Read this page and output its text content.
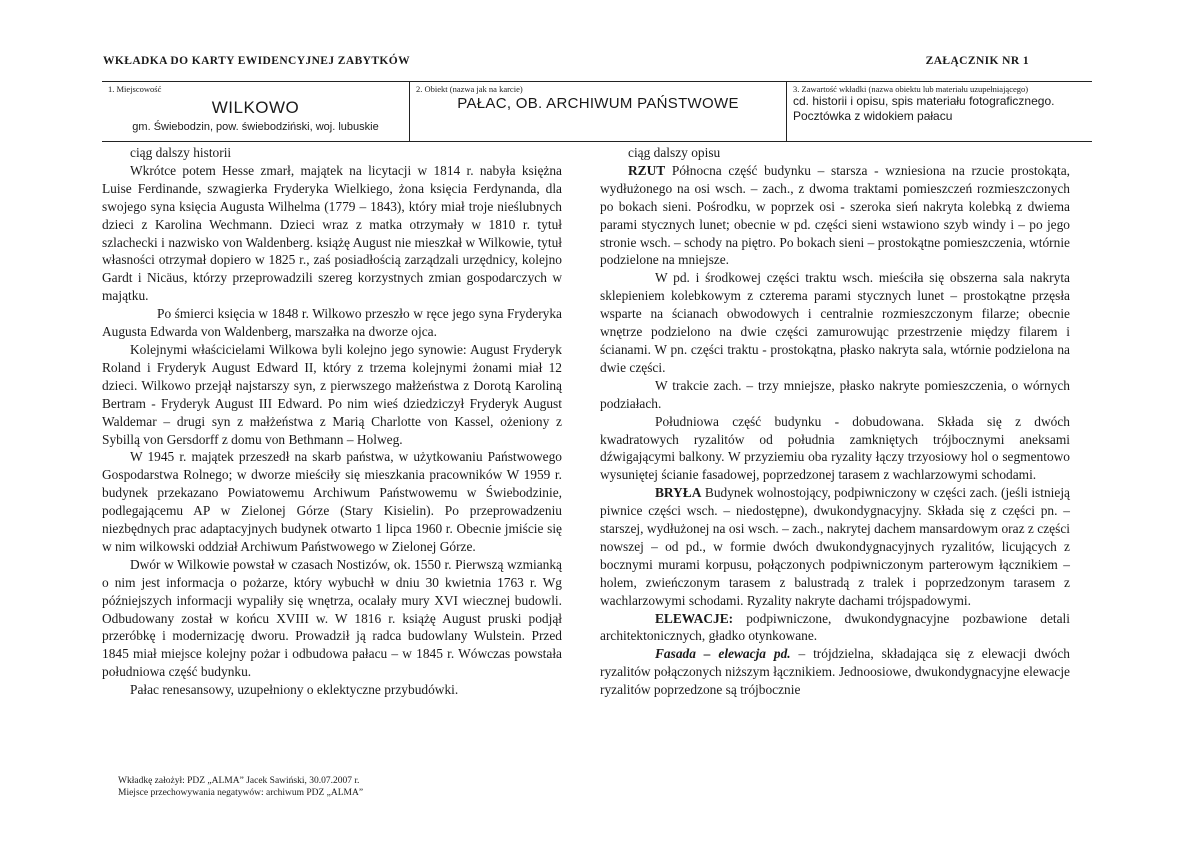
WKŁADKA DO KARTY EWIDENCYJNEJ ZABYTKÓW	ZAŁĄCZNIK NR 1
1. Miejscowość
WILKOWO
gm. Świebodzin, pow. świebodziński, woj. lubuskie
2. Obiekt (nazwa jak na karcie)
PAŁAC, OB. ARCHIWUM PAŃSTWOWE
3. Zawartość wkładki (nazwa obiektu lub materiału uzupełniającego)
cd. historii i opisu, spis materiału fotograficznego. Pocztówka z widokiem pałacu

ciąg dalszy historii

Wkrótce potem Hesse zmarł, majątek na licytacji w 1814 r. nabyła księżna Luise Ferdinande, szwagierka Fryderyka Wielkiego, żona księcia Ferdynanda, dla swojego syna księcia Augusta Wilhelma (1779 – 1843), który miał troje nieślubnych dzieci z Karolina Wechmann. Dzieci wraz z matka otrzymały w 1810 r. tytuł szlachecki i nazwisko von Waldenberg. książę August nie mieszkał w Wilkowie, tytuł własności otrzymał dopiero w 1825 r., zaś posiadłością zarządzali urzędnicy, kolejno Gardt i Nicäus, którzy przeprowadzili szereg korzystnych zmian gospodarczych w majątku.

Po śmierci księcia w 1848 r. Wilkowo przeszło w ręce jego syna Fryderyka Augusta Edwarda von Waldenberg, marszałka na dworze ojca.

Kolejnymi właścicielami Wilkowa byli kolejno jego synowie: August Fryderyk Roland i Fryderyk August Edward II, który z trzema kolejnymi żonami miał 12 dzieci. Wilkowo przejął najstarszy syn, z pierwszego małżeństwa z Dorotą Karoliną Bertram - Fryderyk August III Edward. Po nim wieś dziedziczył Fryderyk August Waldemar – drugi syn z małżeństwa z Marią Charlotte von Kassel, ożeniony z Sybillą von Gersdorff z domu von Bethmann – Holweg.

W 1945 r. majątek przeszedł na skarb państwa, w użytkowaniu Państwowego Gospodarstwa Rolnego; w dworze mieściły się mieszkania pracowników W 1959 r. budynek przekazano Powiatowemu Archiwum Państwowemu w Świebodzinie, podlegającemu AP w Zielonej Górze (Stary Kisielin). Po przeprowadzeniu niezbędnych prac adaptacyjnych budynek otwarto 1 lipca 1960 r. Obecnie jmiście się w nim wilkowski oddział Archiwum Państwowego w Zielonej Górze.

Dwór w Wilkowie powstał w czasach Nostizów, ok. 1550 r. Pierwszą wzmianką o nim jest informacja o pożarze, który wybuchł w dniu 30 kwietnia 1763 r. Wg późniejszych informacji wypaliły się wnętrza, ocalały mury XVI wiecznej budowli. Odbudowany został w końcu XVIII w. W 1816 r. książę August pruski podjął przeróbkę i modernizację dworu. Prowadził ją radca budowlany Wulstein. Przed 1845 miał miejsce kolejny pożar i odbudowa pałacu – w 1845 r. Wówczas powstała południowa część budynku.

Pałac renesansowy, uzupełniony o eklektyczne przybudówki.

ciąg dalszy opisu

RZUT Północna część budynku – starsza - wzniesiona na rzucie prostokąta, wydłużonego na osi wsch. – zach., z dwoma traktami pomieszczeń rozmieszczonych po bokach sieni. Pośrodku, w poprzek osi - szeroka sień nakryta kolebką z dwiema parami stycznych lunet; obecnie w pd. części sieni wstawiono szyb windy i – po jego stronie wsch. – schody na piętro. Po bokach sieni – prostokątne pomieszczenia, wtórnie podzielone na mniejsze.

W pd. i środkowej części traktu wsch. mieściła się obszerna sala nakryta sklepieniem kolebkowym z czterema parami stycznych lunet – prostokątne przęsła wsparte na ścianach obwodowych i centralnie rozmieszczonym filarze; obecnie wnętrze podzielono na dwie części zamurowując przestrzenie między filarem i ścianami. W pn. części traktu - prostokątna, płasko nakryta sala, wtórnie podzielona na dwie części.

W trakcie zach. – trzy mniejsze, płasko nakryte pomieszczenia, o wórnych podziałach.

Południowa część budynku - dobudowana. Składa się z dwóch kwadratowych ryzalitów od południa zamkniętych trójbocznymi aneksami dźwigającymi balkony. W przyziemiu oba ryzality łączy trzyosiowy hol o segmentowo wysuniętej ścianie fasadowej, poprzedzonej tarasem z wachlarzowymi schodami.

BRYŁA Budynek wolnostojący, podpiwniczony w części zach. (jeśli istnieją piwnice części wsch. – niedostępne), dwukondygnacyjny. Składa się z części pn. – starszej, wydłużonej na osi wsch. – zach., nakrytej dachem mansardowym oraz z części nowszej – od pd., w formie dwóch dwukondygnacyjnych ryzalitów, licujących z bocznymi murami korpusu, połączonych podpiwniczonym parterowym łącznikiem – holem, zwieńczonym tarasem z balustradą z tralek i poprzedzonym tarasem z wachlarzowymi schodami. Ryzality nakryte dachami trójspadowymi.

ELEWACJE: podpiwniczone, dwukondygnacyjne pozbawione detali architektonicznych, gładko otynkowane.

Fasada – elewacja pd. – trójdzielna, składająca się z elewacji dwóch ryzalitów połączonych niższym łącznikiem. Jednoosiowe, dwukondygnacyjne elewacje ryzalitów poprzedzone są trójbocznie

Wkładkę założył: PDZ „ALMA” Jacek Sawiński, 30.07.2007 r.
Miejsce przechowywania negatywów: archiwum PDZ „ALMA”
